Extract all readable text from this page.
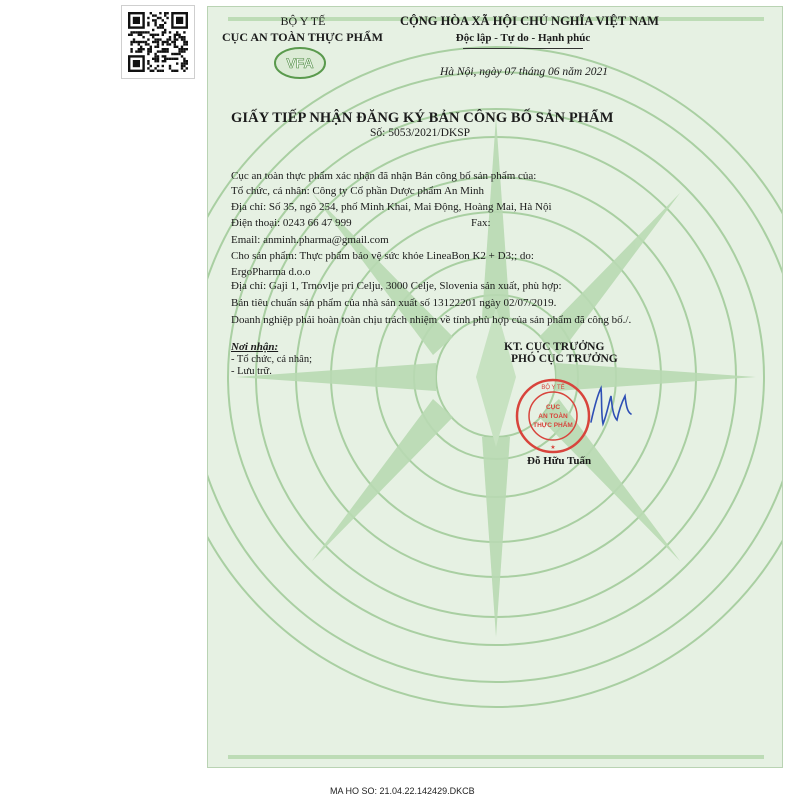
VFA
BỘ Y TẾ
CỤC AN TOÀN THỰC PHẨM
CỘNG HÒA XÃ HỘI CHỦ NGHĨA VIỆT NAM
Độc lập - Tự do - Hạnh phúc
Hà Nội, ngày 07 tháng 06 năm 2021
GIẤY TIẾP NHẬN ĐĂNG KÝ BẢN CÔNG BỐ SẢN PHẨM
Số: 5053/2021/DKSP
Cục an toàn thực phẩm xác nhận đã nhận Bản công bố sản phẩm của:
Tổ chức, cá nhân: Công ty Cổ phần Dược phẩm An Minh
Địa chỉ: Số 35, ngõ 254, phố Minh Khai, Mai Động, Hoàng Mai, Hà Nội
Điện thoại: 0243 66 47 999	Fax:
Email: anminh.pharma@gmail.com
Cho sản phẩm: Thực phẩm bảo vệ sức khỏe LineaBon K2 + D3;; do:
ErgoPharma d.o.o
Địa chỉ: Gaji 1, Trnovlje pri Celju, 3000 Celje, Slovenia sản xuất, phù hợp:
Bản tiêu chuẩn sản phẩm của nhà sản xuất số 13122201 ngày 02/07/2019.
Doanh nghiệp phải hoàn toàn chịu trách nhiệm về tính phù hợp của sản phẩm đã công bố./.
Nơi nhận:
- Tổ chức, cá nhân;
- Lưu trữ.
KT. CỤC TRƯỞNG
PHÓ CỤC TRƯỞNG
BỘ Y TẾ
CỤC
AN TOÀN
THỰC PHẨM
★
Đỗ Hữu Tuấn
MA HO SO: 21.04.22.142429.DKCB
